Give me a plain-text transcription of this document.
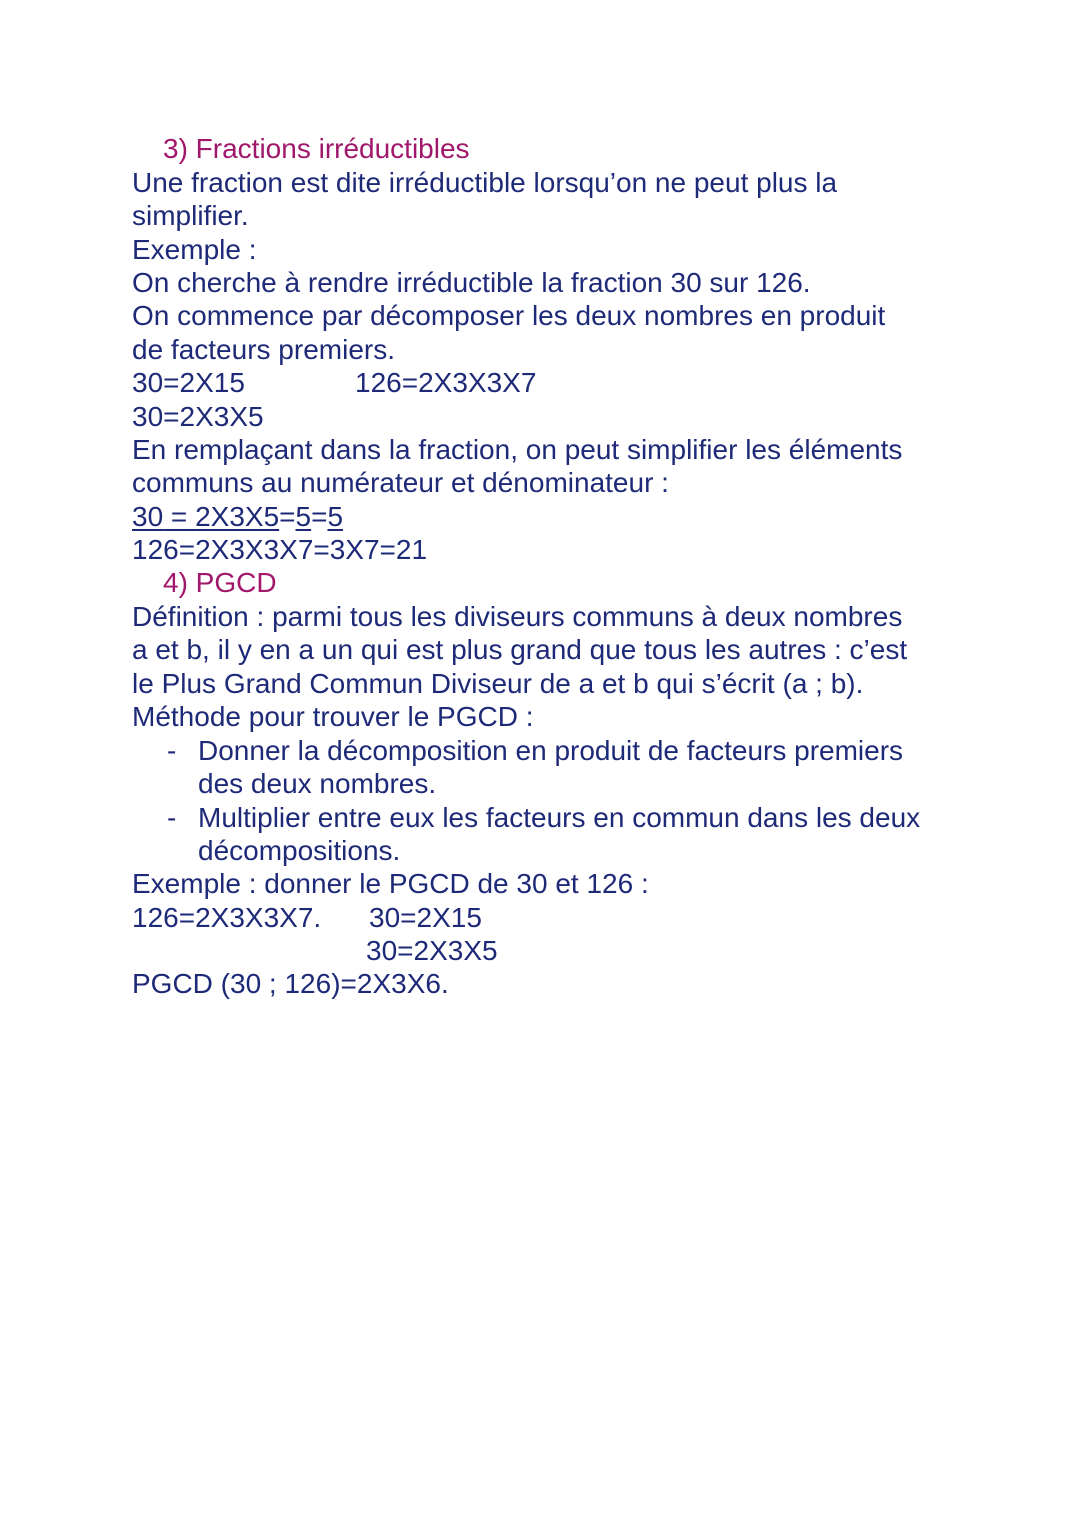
3) Fractions irréductibles
Une fraction est dite irréductible lorsqu’on ne peut plus la
simplifier.
Exemple :
On cherche à rendre irréductible la fraction 30 sur 126.
On commence par décomposer les deux nombres en produit
de facteurs premiers.
30=2X15	126=2X3X3X7
30=2X3X5
En remplaçant dans la fraction, on peut simplifier les éléments
communs au numérateur et dénominateur :
30 = 2X3X5=5=5
126=2X3X3X7=3X7=21
4) PGCD
Définition : parmi tous les diviseurs communs à deux nombres
a et b, il y en a un qui est plus grand que tous les autres : c’est
le Plus Grand Commun Diviseur de a et b qui s’écrit (a ; b).
Méthode pour trouver le PGCD :
- Donner la décomposition en produit de facteurs premiers
des deux nombres.
- Multiplier entre eux les facteurs en commun dans les deux
décompositions.
Exemple : donner le PGCD de 30 et 126 :
126=2X3X3X7. 30=2X15
30=2X3X5
PGCD (30 ; 126)=2X3X6.
